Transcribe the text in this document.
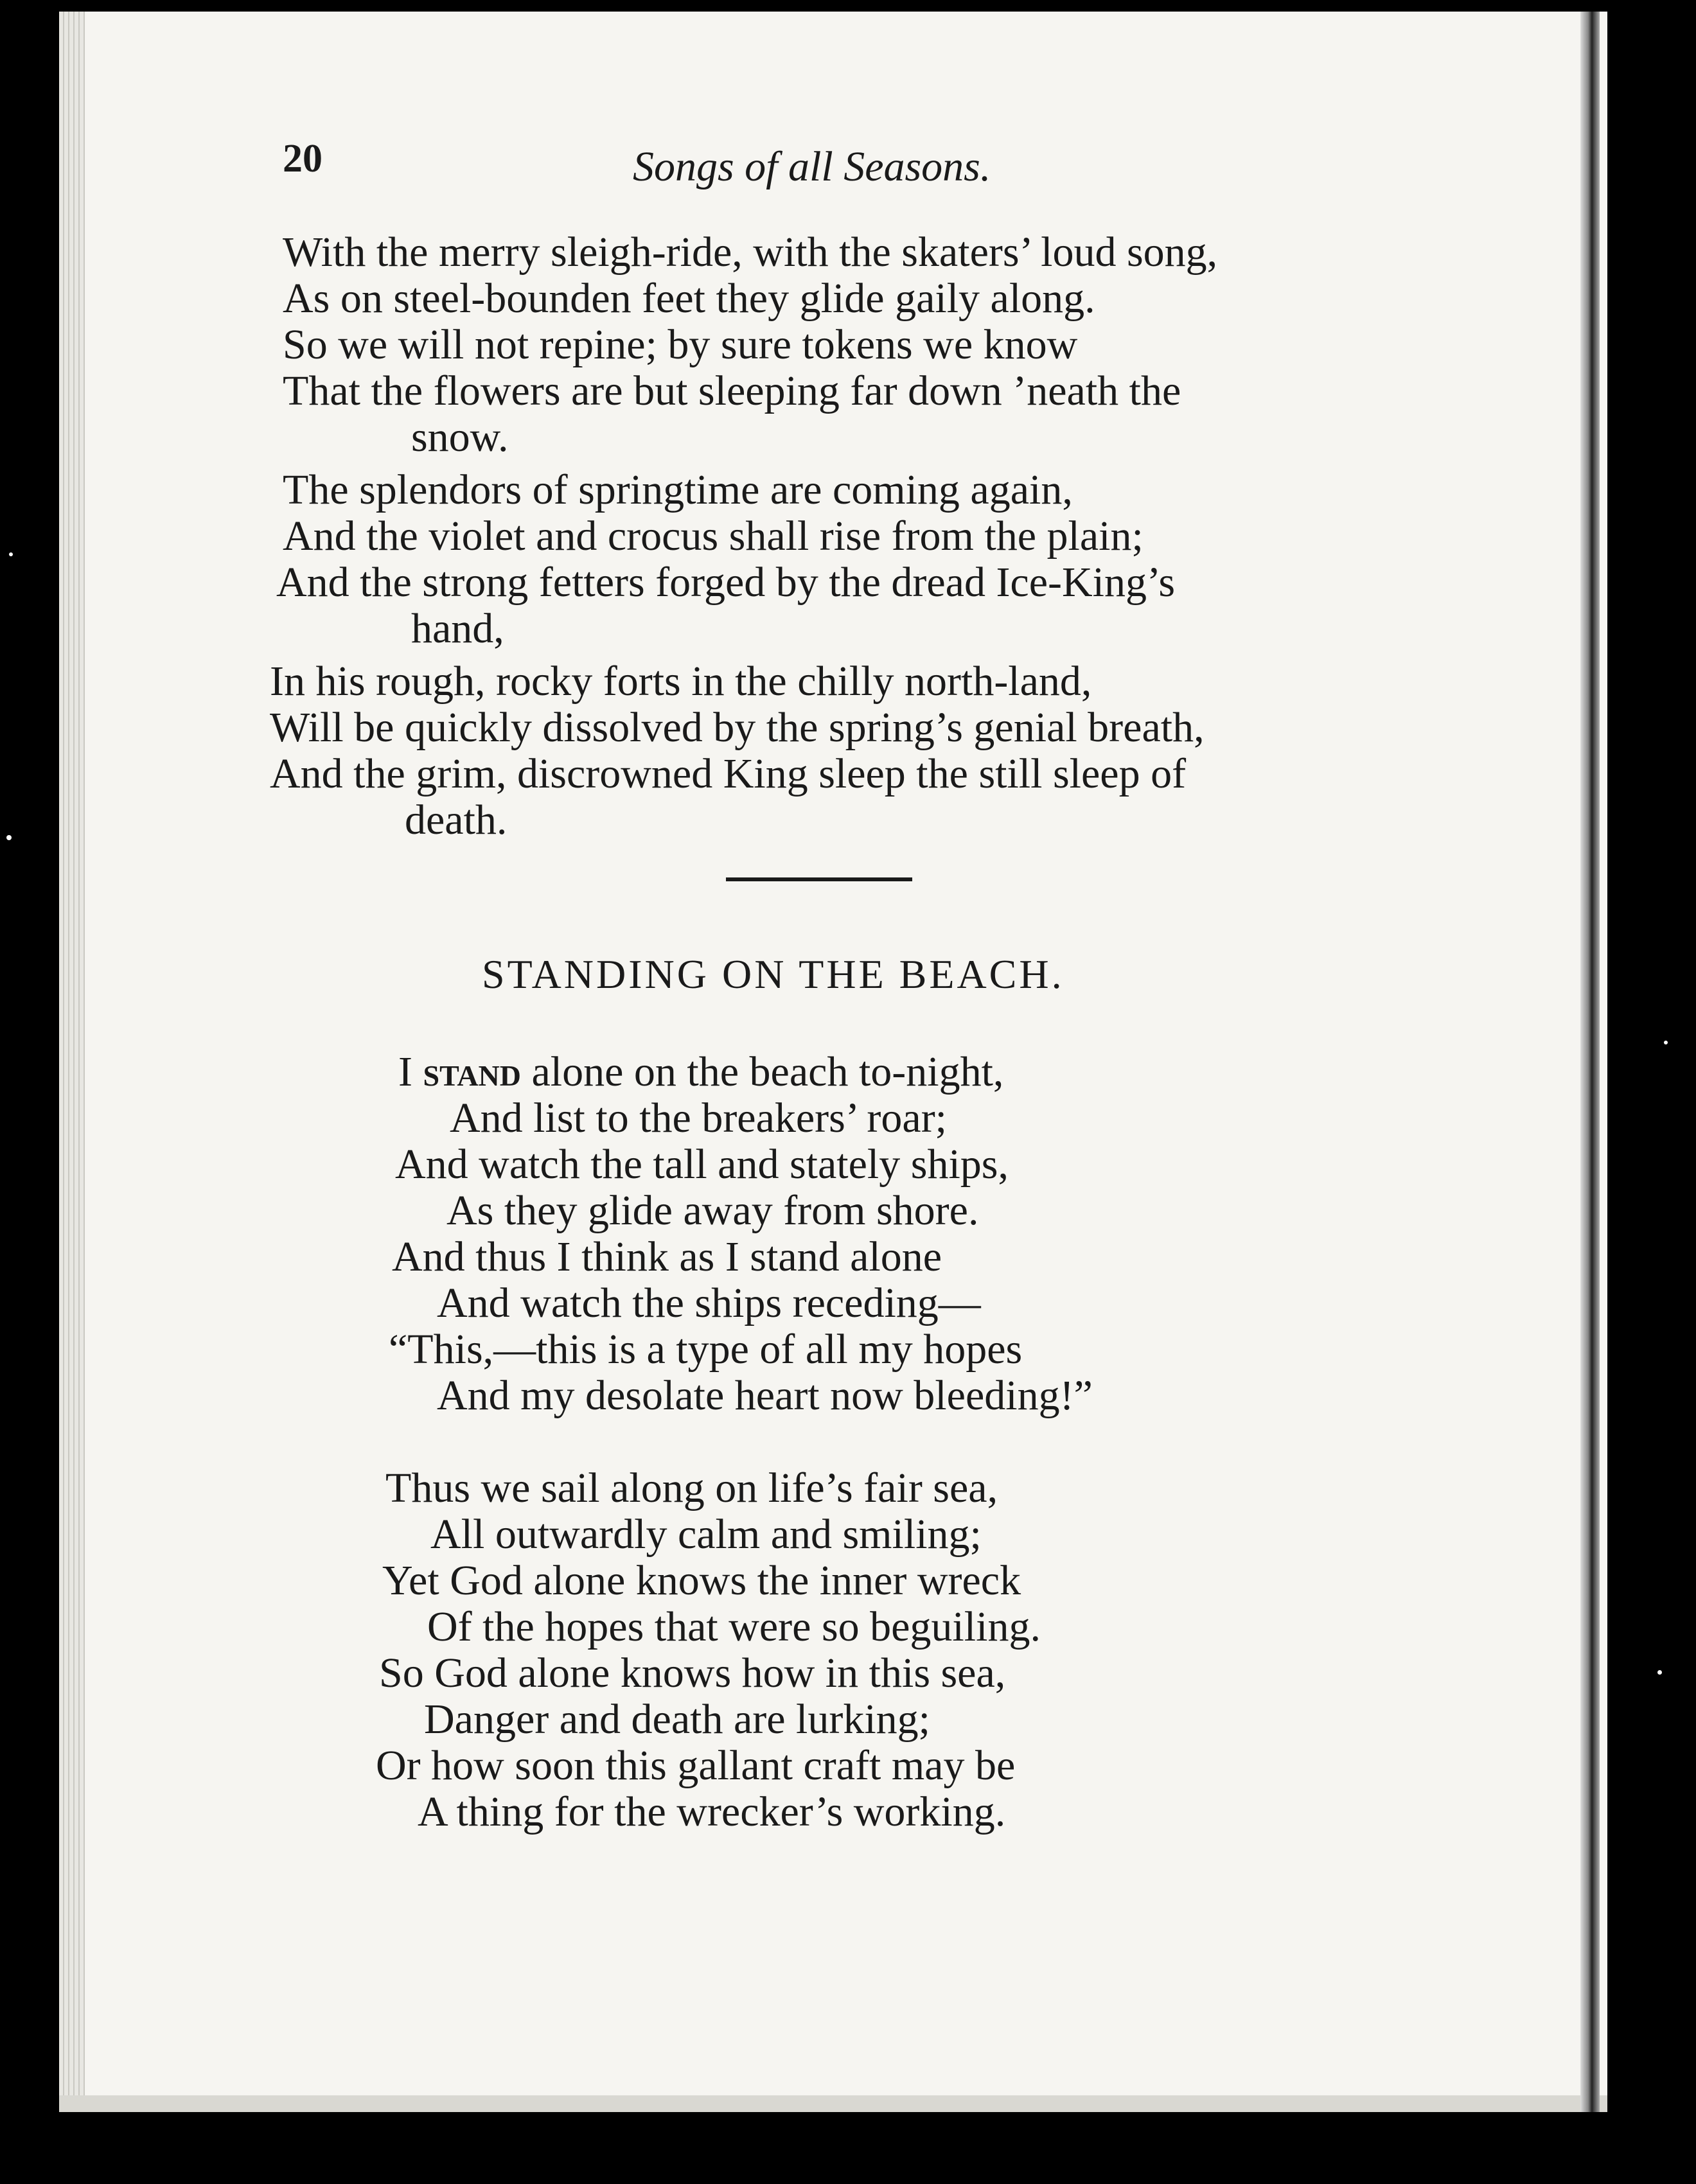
20	Songs of all Seasons.
With the merry sleigh-ride, with the skaters’ loud song,
As on steel-bounden feet they glide gaily along.
So we will not repine; by sure tokens we know
That the flowers are but sleeping far down ’neath the
snow.
The splendors of springtime are coming again,
And the violet and crocus shall rise from the plain;
And the strong fetters forged by the dread Ice-King’s
hand,
In his rough, rocky forts in the chilly north-land,
Will be quickly dissolved by the spring’s genial breath,
And the grim, discrowned King sleep the still sleep of
death.
STANDING ON THE BEACH.
I stand alone on the beach to-night,
And list to the breakers’ roar;
And watch the tall and stately ships,
As they glide away from shore.
And thus I think as I stand alone
And watch the ships receding—
“This,—this is a type of all my hopes
And my desolate heart now bleeding!”
Thus we sail along on life’s fair sea,
All outwardly calm and smiling;
Yet God alone knows the inner wreck
Of the hopes that were so beguiling.
So God alone knows how in this sea,
Danger and death are lurking;
Or how soon this gallant craft may be
A thing for the wrecker’s working.
